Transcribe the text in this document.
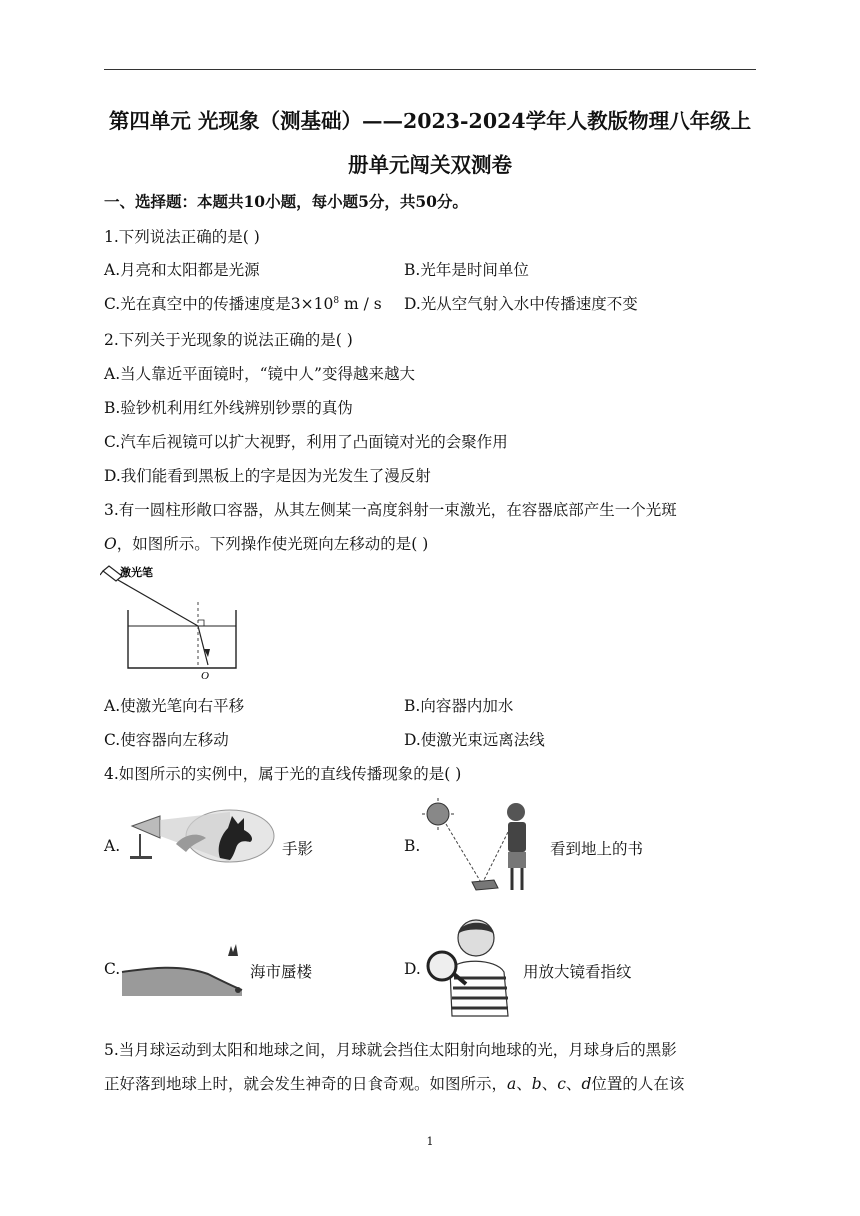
第四单元 光现象（测基础）——2023-2024学年人教版物理八年级上
册单元闯关双测卷
一、选择题：本题共10小题，每小题5分，共50分。
1.下列说法正确的是( )
A.月亮和太阳都是光源	B.光年是时间单位
C.光在真空中的传播速度是$3\times 10^8$ m / s D.光从空气射入水中传播速度不变
2.下列关于光现象的说法正确的是( )
A.当人靠近平面镜时，“镜中人”变得越来越大
B.验钞机利用红外线辨别钞票的真伪
C.汽车后视镜可以扩大视野，利用了凸面镜对光的会聚作用
D.我们能看到黑板上的字是因为光发生了漫反射
3.有一圆柱形敞口容器，从其左侧某一高度斜射一束激光，在容器底部产生一个光斑
O，如图所示。下列操作使光斑向左移动的是( )
激光笔
O
A.使激光笔向右平移	B.向容器内加水
C.使容器向左移动	D.使激光束远离法线
4.如图所示的实例中，属于光的直线传播现象的是( )
A.	手影	B.	看到地上的书
C.	海市蜃楼	D.	用放大镜看指纹
5.当月球运动到太阳和地球之间，月球就会挡住太阳射向地球的光，月球身后的黑影
正好落到地球上时，就会发生神奇的日食奇观。如图所示，a、b、c、d位置的人在该
1
